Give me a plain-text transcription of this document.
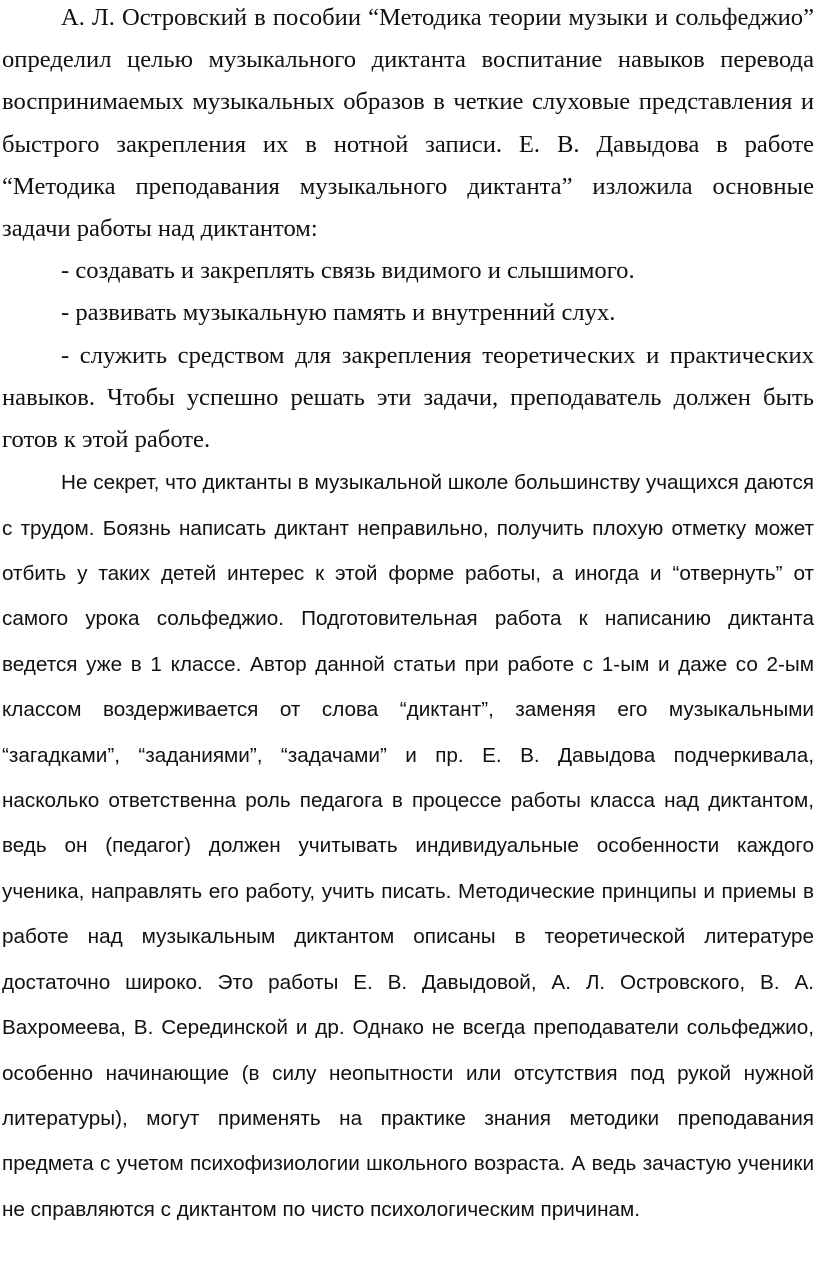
А. Л. Островский в пособии “Методика теории музыки и сольфеджио” определил целью музыкального диктанта воспитание навыков перевода воспринимаемых музыкальных образов в четкие слуховые представления и быстрого закрепления их в нотной записи. Е. В. Давыдова в работе “Методика преподавания музыкального диктанта” изложила основные задачи работы над диктантом:

- создавать и закреплять связь видимого и слышимого.

- развивать музыкальную память и внутренний слух.

- служить средством для закрепления теоретических и практических навыков. Чтобы успешно решать эти задачи, преподаватель должен быть готов к этой работе.

Не секрет, что диктанты в музыкальной школе большинству учащихся даются с трудом. Боязнь написать диктант неправильно, получить плохую отметку может отбить у таких детей интерес к этой форме работы, а иногда и “отвернуть” от самого урока сольфеджио. Подготовительная работа к написанию диктанта ведется уже в 1 классе. Автор данной статьи при работе с 1-ым и даже со 2-ым классом воздерживается от слова “диктант”, заменяя его музыкальными “загадками”, “заданиями”, “задачами” и пр. Е. В. Давыдова подчеркивала, насколько ответственна роль педагога в процессе работы класса над диктантом, ведь он (педагог) должен учитывать индивидуальные особенности каждого ученика, направлять его работу, учить писать. Методические принципы и приемы в работе над музыкальным диктантом описаны в теоретической литературе достаточно широко. Это работы Е. В. Давыдовой, А. Л. Островского, В. А. Вахромеева, В. Серединской и др. Однако не всегда преподаватели сольфеджио, особенно начинающие (в силу неопытности или отсутствия под рукой нужной литературы), могут применять на практике знания методики преподавания предмета с учетом психофизиологии школьного возраста. А ведь зачастую ученики не справляются с диктантом по чисто психологическим причинам.
